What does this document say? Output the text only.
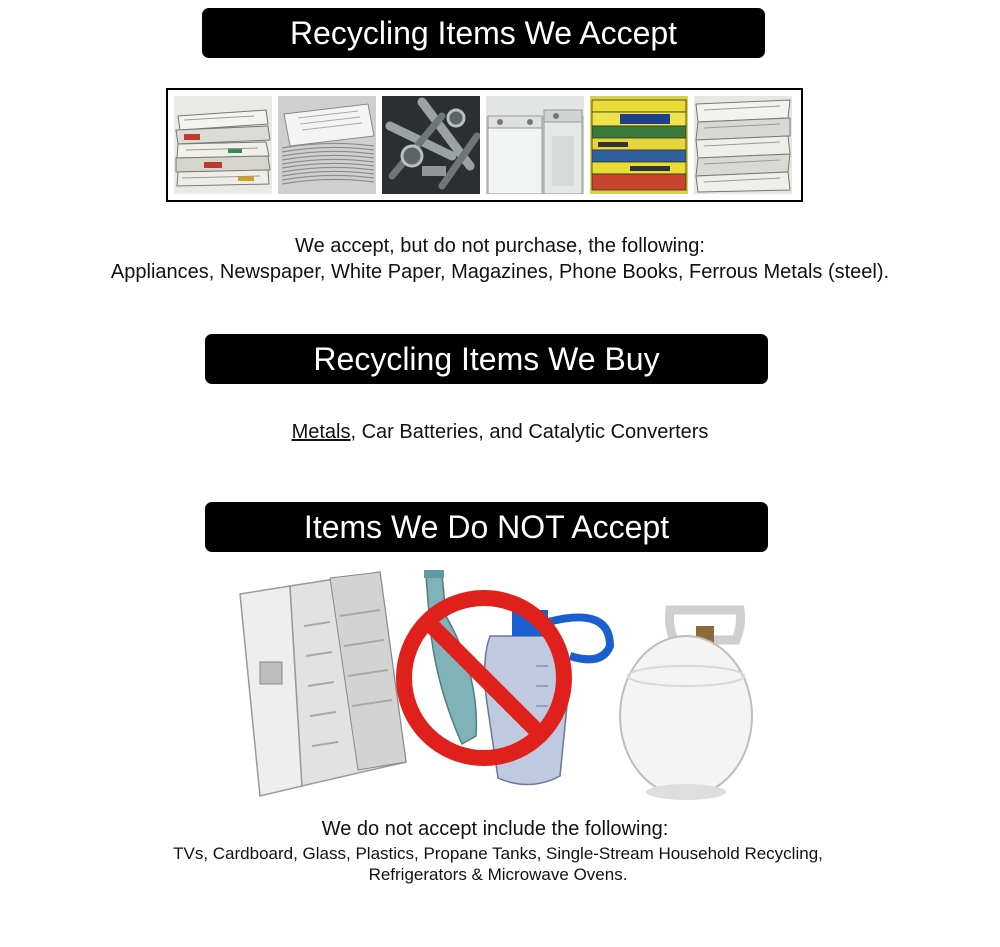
Recycling Items We Accept
We accept, but do not purchase, the following:
Appliances, Newspaper, White Paper, Magazines, Phone Books, Ferrous Metals (steel).
Recycling Items We Buy
Metals, Car Batteries, and Catalytic Converters
Items We Do NOT Accept
We do not accept include the following:
TVs, Cardboard, Glass, Plastics, Propane Tanks, Single-Stream Household Recycling,
Refrigerators & Microwave Ovens.
